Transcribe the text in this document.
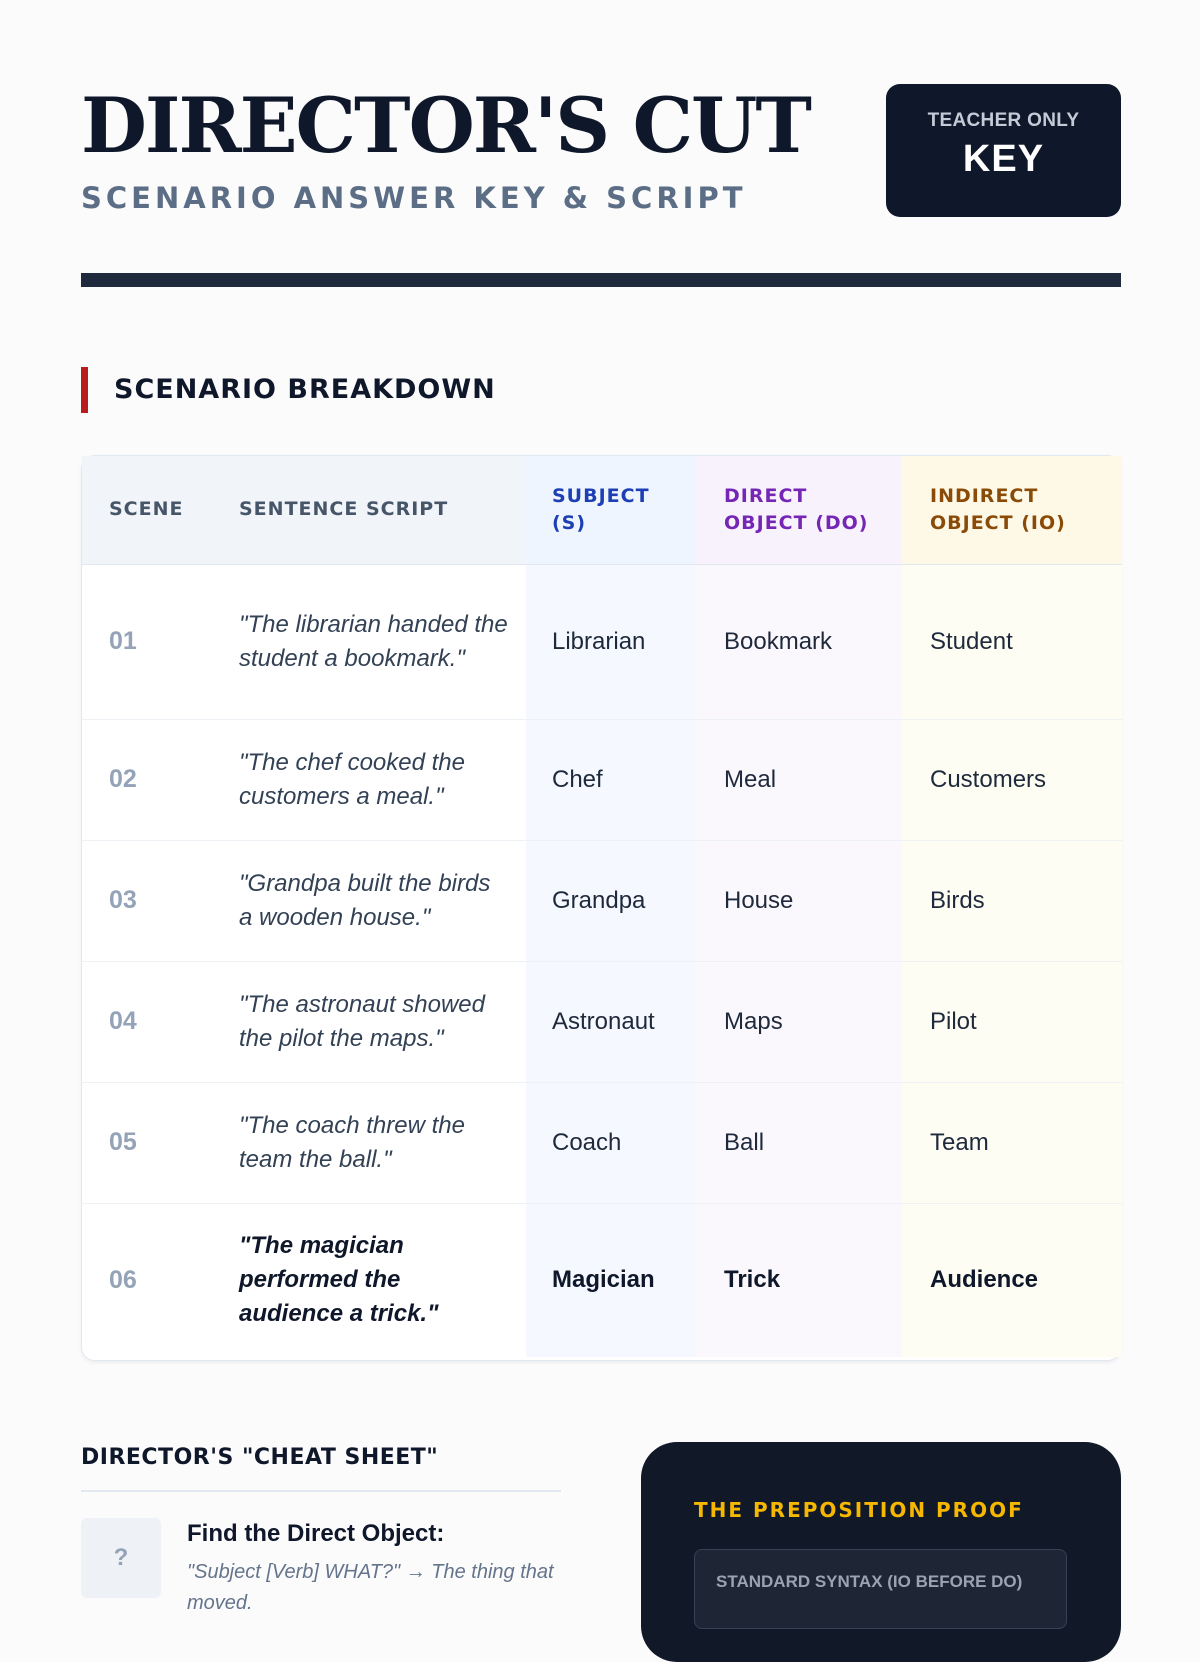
DIRECTOR'S CUT
SCENARIO ANSWER KEY & SCRIPT
TEACHER ONLY
KEY
SCENARIO BREAKDOWN
SCENE	SENTENCE SCRIPT	SUBJECT (S)	DIRECT OBJECT (DO)	INDIRECT OBJECT (IO)
01	"The librarian handed the student a bookmark."	Librarian	Bookmark	Student
02	"The chef cooked the customers a meal."	Chef	Meal	Customers
03	"Grandpa built the birds a wooden house."	Grandpa	House	Birds
04	"The astronaut showed the pilot the maps."	Astronaut	Maps	Pilot
05	"The coach threw the team the ball."	Coach	Ball	Team
06	"The magician performed the audience a trick."	Magician	Trick	Audience
DIRECTOR'S "CHEAT SHEET"
?
Find the Direct Object:
"Subject [Verb] WHAT?" → The thing that moved.
THE PREPOSITION PROOF
STANDARD SYNTAX (IO BEFORE DO)
